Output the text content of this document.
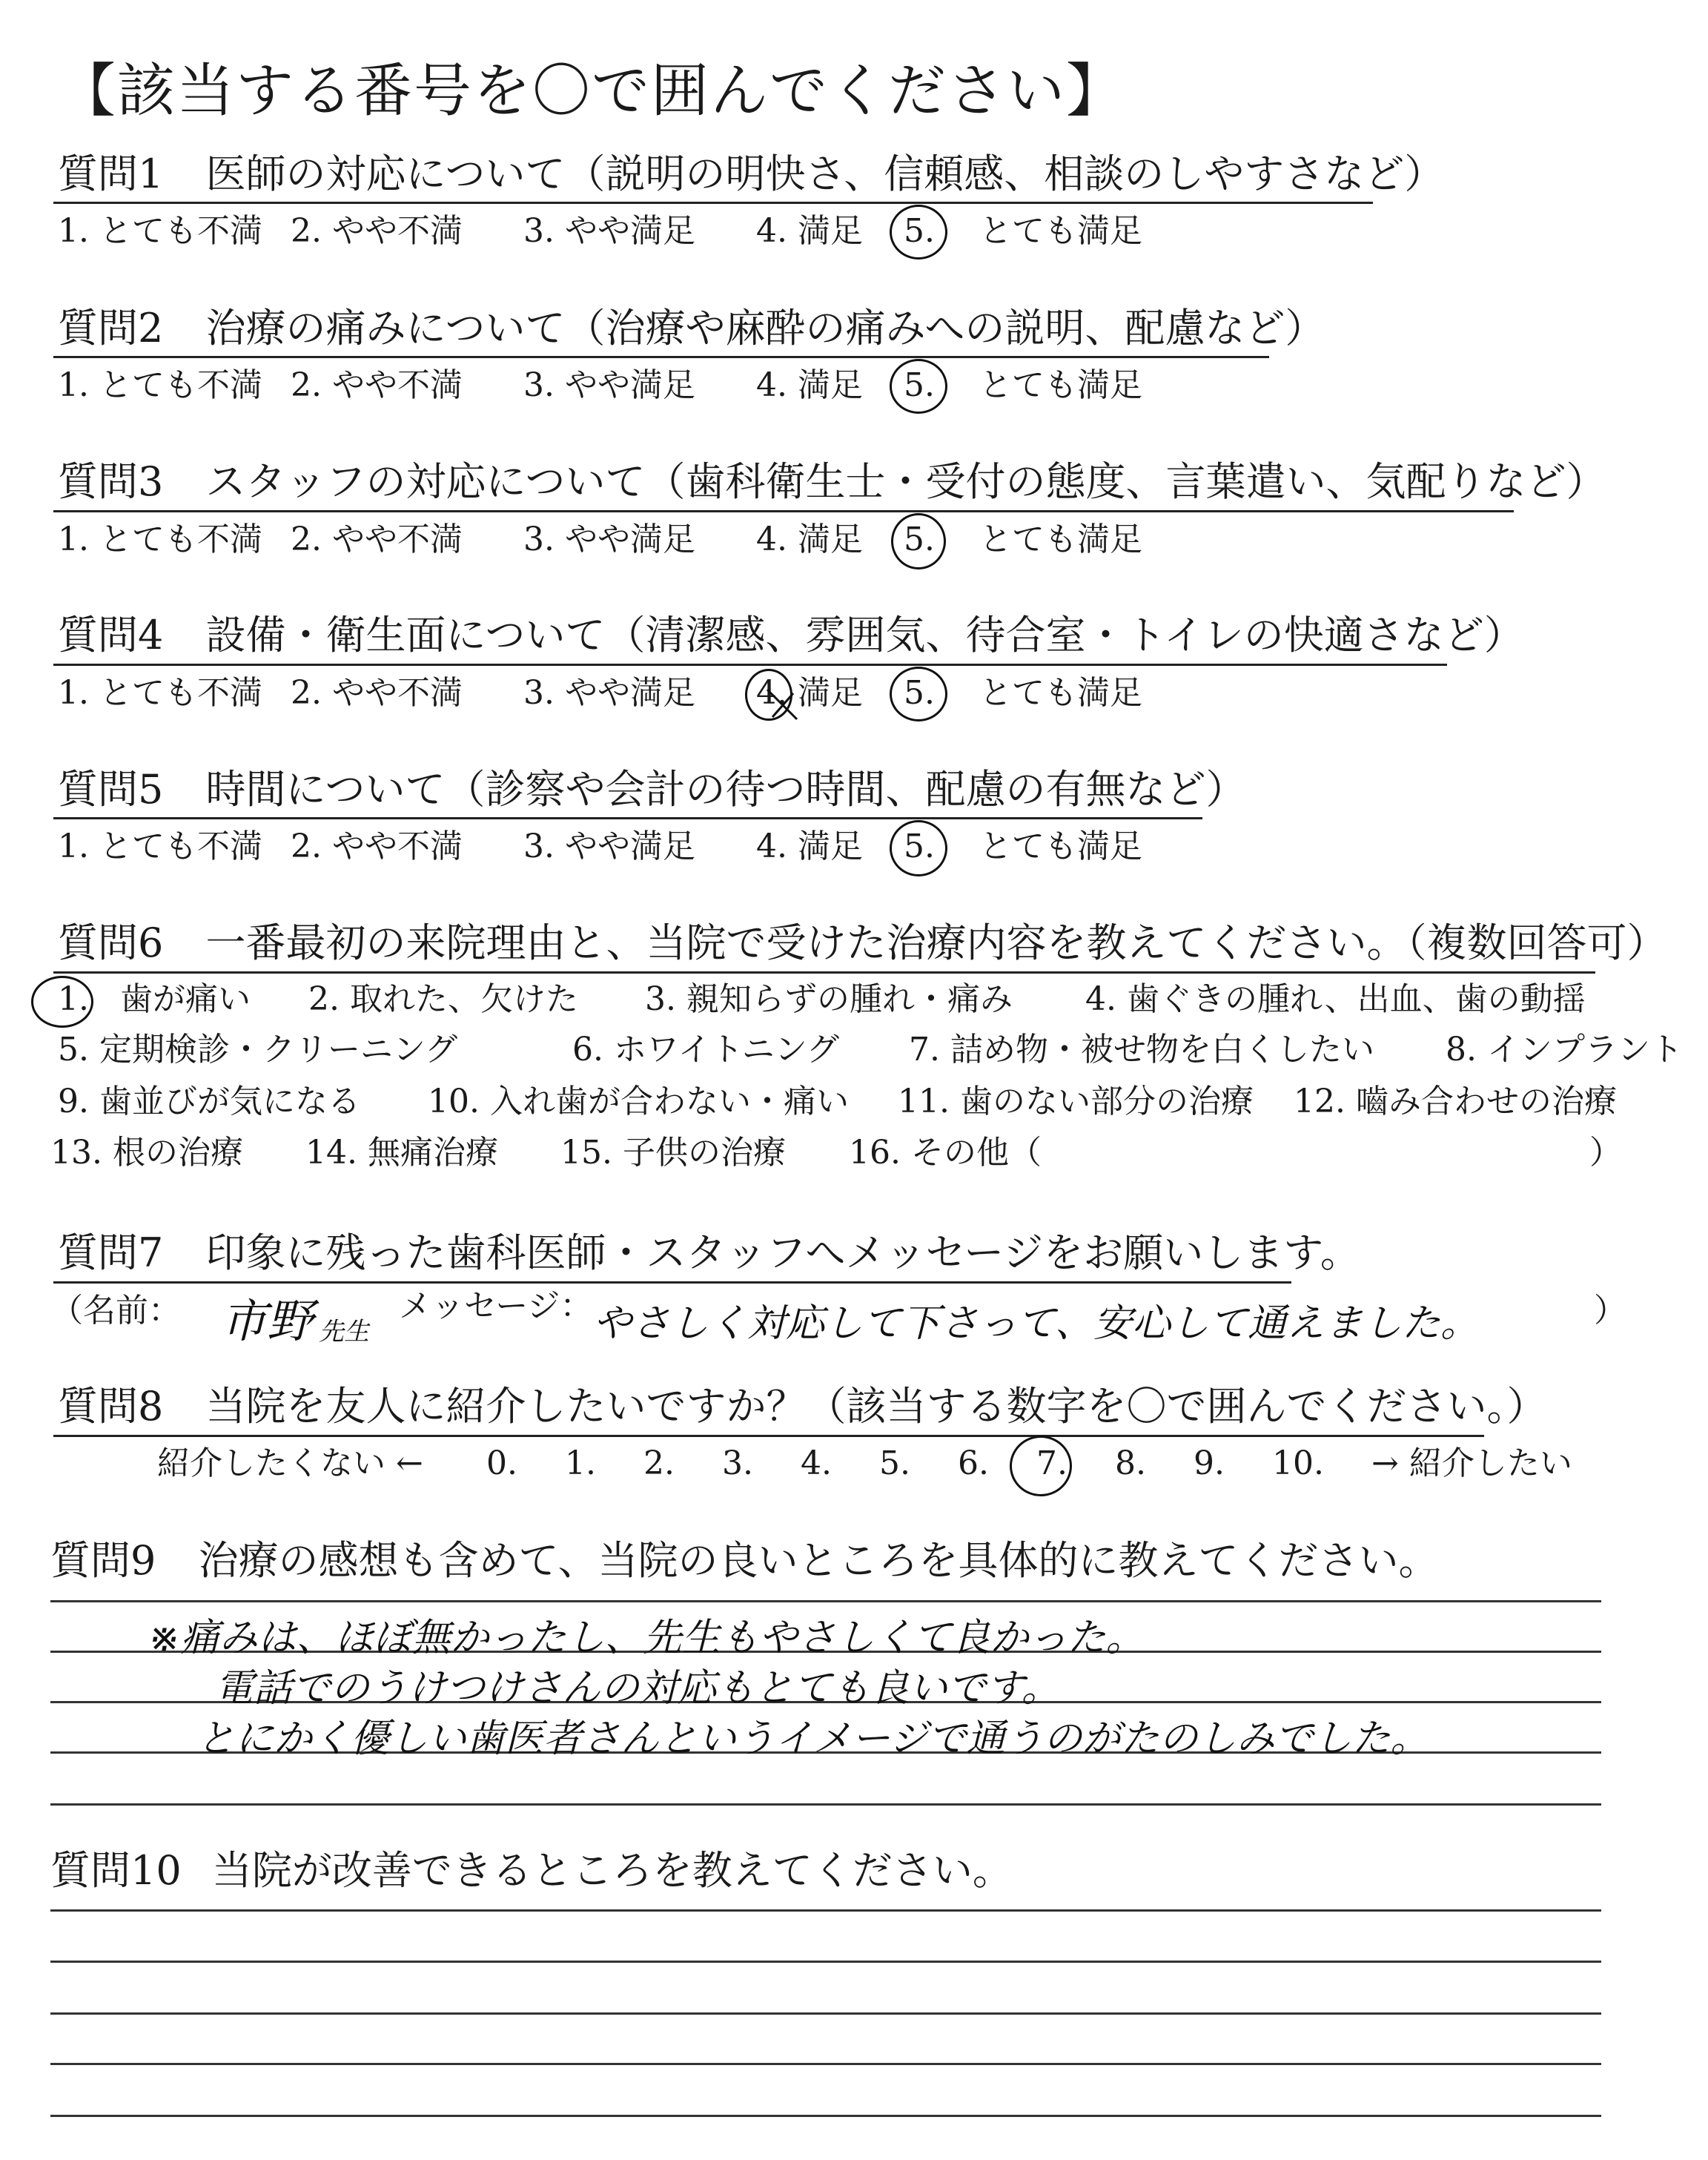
【該当する番号を〇で囲んでください】
質問1 医師の対応について（説明の明快さ、信頼感、相談のしやすさなど）
1. とても不満 2. やや不満 3. やや満足 4. 満足 5. とても満足
質問2 治療の痛みについて（治療や麻酔の痛みへの説明、配慮など）
1. とても不満 2. やや不満 3. やや満足 4. 満足 5. とても満足
質問3 スタッフの対応について（歯科衛生士・受付の態度、言葉遣い、気配りなど）
1. とても不満 2. やや不満 3. やや満足 4. 満足 5. とても満足
質問4 設備・衛生面について（清潔感、雰囲気、待合室・トイレの快適さなど）
1. とても不満 2. やや不満 3. やや満足 4. 満足 5. とても満足
質問5 時間について（診察や会計の待つ時間、配慮の有無など）
1. とても不満 2. やや不満 3. やや満足 4. 満足 5. とても満足
質問6 一番最初の来院理由と、当院で受けた治療内容を教えてください。（複数回答可）
1. 歯が痛い 2. 取れた、欠けた 3. 親知らずの腫れ・痛み 4. 歯ぐきの腫れ、出血、歯の動揺
5. 定期検診・クリーニング	6. ホワイトニング 7. 詰め物・被せ物を白くしたい 8. インプラント
9. 歯並びが気になる 10. 入れ歯が合わない・痛い 11. 歯のない部分の治療 12. 嚙み合わせの治療
13. 根の治療 14. 無痛治療 15. 子供の治療 16. その他（	）
質問7 印象に残った歯科医師・スタッフへメッセージをお願いします。
（名前： 市野 先生
メッセージ： やさしく対応して下さって、安心して通えました。	）
質問8 当院を友人に紹介したいですか？（該当する数字を〇で囲んでください。）
紹介したくない ← 0. 1. 2. 3. 4. 5. 6. 7. 8. 9. 10. → 紹介したい
質問9 治療の感想も含めて、当院の良いところを具体的に教えてください。
※痛みは、ほぼ無かったし、先生もやさしくて良かった。
電話でのうけつけさんの対応もとても良いです。
とにかく優しい歯医者さんというイメージで通うのがたのしみでした。
質問10 当院が改善できるところを教えてください。
